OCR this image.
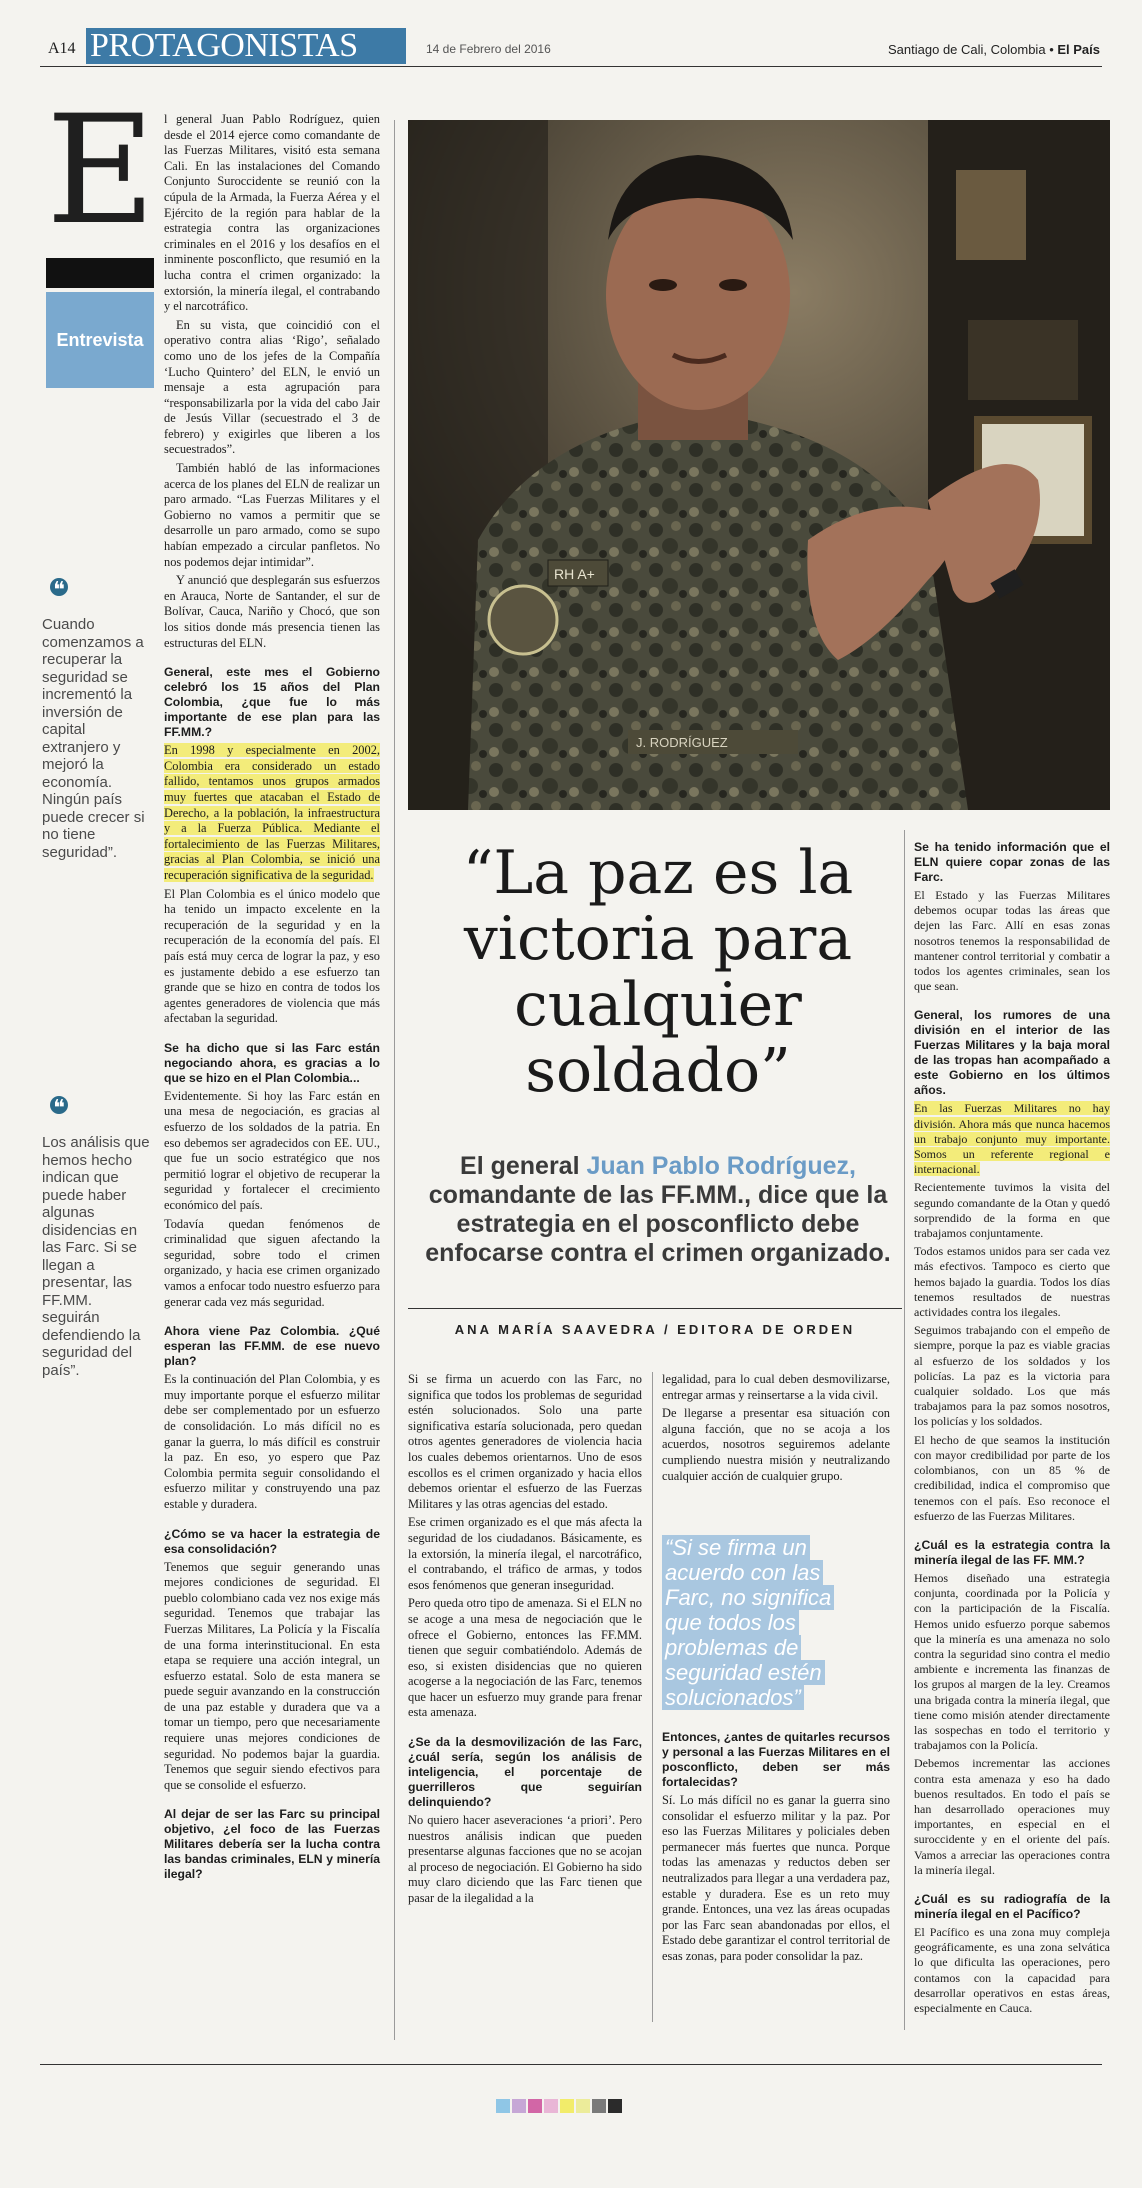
A14 PROTAGONISTAS	14 de Febrero del 2016	Santiago de Cali, Colombia • El País
E
Entrevista
❝
Cuando comenzamos a recuperar la seguridad se incrementó la inversión de capital extranjero y mejoró la economía. Ningún país puede crecer si no tiene seguridad”.
❝
Los análisis que hemos hecho indican que puede haber algunas disidencias en las Farc. Si se llegan a presentar, las FF.MM. seguirán defendiendo la seguridad del país”.

l general Juan Pablo Rodríguez, quien desde el 2014 ejerce como comandante de las Fuerzas Militares, visitó esta semana Cali. En las instalaciones del Comando Conjunto Suroccidente se reunió con la cúpula de la Armada, la Fuerza Aérea y el Ejército de la región para hablar de la estrategia contra las organizaciones criminales en el 2016 y los desafíos en el inminente posconflicto, que resumió en la lucha contra el crimen organizado: la extorsión, la minería ilegal, el contrabando y el narcotráfico.

En su vista, que coincidió con el operativo contra alias ‘Rigo’, señalado como uno de los jefes de la Compañía ‘Lucho Quintero’ del ELN, le envió un mensaje a esta agrupación para “responsabilizarla por la vida del cabo Jair de Jesús Villar (secuestrado el 3 de febrero) y exigirles que liberen a los secuestrados”.

También habló de las informaciones acerca de los planes del ELN de realizar un paro armado. “Las Fuerzas Militares y el Gobierno no vamos a permitir que se desarrolle un paro armado, como se supo habían empezado a circular panfletos. No nos podemos dejar intimidar”.

Y anunció que desplegarán sus esfuerzos en Arauca, Norte de Santander, el sur de Bolívar, Cauca, Nariño y Chocó, que son los sitios donde más presencia tienen las estructuras del ELN.

General, este mes el Gobierno celebró los 15 años del Plan Colombia, ¿que fue lo más importante de ese plan para las FF.MM.?

En 1998 y especialmente en 2002, Colombia era considerado un estado fallido, tentamos unos grupos armados muy fuertes que atacaban el Estado de Derecho, a la población, la infraestructura y a la Fuerza Pública. Mediante el fortalecimiento de las Fuerzas Militares, gracias al Plan Colombia, se inició una recuperación significativa de la seguridad.

El Plan Colombia es el único modelo que ha tenido un impacto excelente en la recuperación de la seguridad y en la recuperación de la economía del país. El país está muy cerca de lograr la paz, y eso es justamente debido a ese esfuerzo tan grande que se hizo en contra de todos los agentes generadores de violencia que más afectaban la seguridad.

Se ha dicho que si las Farc están negociando ahora, es gracias a lo que se hizo en el Plan Colombia...

Evidentemente. Si hoy las Farc están en una mesa de negociación, es gracias al esfuerzo de los soldados de la patria. En eso debemos ser agradecidos con EE. UU., que fue un socio estratégico que nos permitió lograr el objetivo de recuperar la seguridad y fortalecer el crecimiento económico del país.

Todavía quedan fenómenos de criminalidad que siguen afectando la seguridad, sobre todo el crimen organizado, y hacia ese crimen organizado vamos a enfocar todo nuestro esfuerzo para generar cada vez más seguridad.

Ahora viene Paz Colombia. ¿Qué esperan las FF.MM. de ese nuevo plan?

Es la continuación del Plan Colombia, y es muy importante porque el esfuerzo militar debe ser complementado por un esfuerzo de consolidación. Lo más difícil no es ganar la guerra, lo más difícil es construir la paz. En eso, yo espero que Paz Colombia permita seguir consolidando el esfuerzo militar y construyendo una paz estable y duradera.

¿Cómo se va hacer la estrategia de esa consolidación?

Tenemos que seguir generando unas mejores condiciones de seguridad. El pueblo colombiano cada vez nos exige más seguridad. Tenemos que trabajar las Fuerzas Militares, La Policía y la Fiscalía de una forma interinstitucional. En esta etapa se requiere una acción integral, un esfuerzo estatal. Solo de esta manera se puede seguir avanzando en la construcción de una paz estable y duradera que va a tomar un tiempo, pero que necesariamente requiere unas mejores condiciones de seguridad. No podemos bajar la guardia. Tenemos que seguir siendo efectivos para que se consolide el esfuerzo.

Al dejar de ser las Farc su principal objetivo, ¿el foco de las Fuerzas Militares debería ser la lucha contra las bandas criminales, ELN y minería ilegal?

RH A+
J. RODRÍGUEZ
“La paz es la victoria para cualquier soldado”
El general Juan Pablo Rodríguez, comandante de las FF.MM., dice que la estrategia en el posconflicto debe enfocarse contra el crimen organizado.
ANA MARÍA SAAVEDRA / EDITORA DE ORDEN

Si se firma un acuerdo con las Farc, no significa que todos los problemas de seguridad estén solucionados. Solo una parte significativa estaría solucionada, pero quedan otros agentes generadores de violencia hacia los cuales debemos orientarnos. Uno de esos escollos es el crimen organizado y hacia ellos debemos orientar el esfuerzo de las Fuerzas Militares y las otras agencias del estado.

Ese crimen organizado es el que más afecta la seguridad de los ciudadanos. Básicamente, es la extorsión, la minería ilegal, el narcotráfico, el contrabando, el tráfico de armas, y todos esos fenómenos que generan inseguridad.

Pero queda otro tipo de amenaza. Si el ELN no se acoge a una mesa de negociación que le ofrece el Gobierno, entonces las FF.MM. tienen que seguir combatiéndolo. Además de eso, si existen disidencias que no quieren acogerse a la negociación de las Farc, tenemos que hacer un esfuerzo muy grande para frenar esta amenaza.

¿Se da la desmovilización de las Farc, ¿cuál sería, según los análisis de inteligencia, el porcentaje de guerrilleros que seguirían delinquiendo?

No quiero hacer aseveraciones ‘a priori’. Pero nuestros análisis indican que pueden presentarse algunas facciones que no se acojan al proceso de negociación. El Gobierno ha sido muy claro diciendo que las Farc tienen que pasar de la ilegalidad a la

legalidad, para lo cual deben desmovilizarse, entregar armas y reinsertarse a la vida civil.

De llegarse a presentar esa situación con alguna facción, que no se acoja a los acuerdos, nosotros seguiremos adelante cumpliendo nuestra misión y neutralizando cualquier acción de cualquier grupo.

“Si se firma un acuerdo con las Farc, no significa que todos los problemas de seguridad estén solucionados”

Entonces, ¿antes de quitarles recursos y personal a las Fuerzas Militares en el posconflicto, deben ser más fortalecidas?

Sí. Lo más difícil no es ganar la guerra sino consolidar el esfuerzo militar y la paz. Por eso las Fuerzas Militares y policiales deben permanecer más fuertes que nunca. Porque todas las amenazas y reductos deben ser neutralizados para llegar a una verdadera paz, estable y duradera. Ese es un reto muy grande. Entonces, una vez las áreas ocupadas por las Farc sean abandonadas por ellos, el Estado debe garantizar el control territorial de esas zonas, para poder consolidar la paz.

Se ha tenido información que el ELN quiere copar zonas de las Farc.

El Estado y las Fuerzas Militares debemos ocupar todas las áreas que dejen las Farc. Allí en esas zonas nosotros tenemos la responsabilidad de mantener control territorial y combatir a todos los agentes criminales, sean los que sean.

General, los rumores de una división en el interior de las Fuerzas Militares y la baja moral de las tropas han acompañado a este Gobierno en los últimos años.

En las Fuerzas Militares no hay división. Ahora más que nunca hacemos un trabajo conjunto muy importante. Somos un referente regional e internacional.

Recientemente tuvimos la visita del segundo comandante de la Otan y quedó sorprendido de la forma en que trabajamos conjuntamente.

Todos estamos unidos para ser cada vez más efectivos. Tampoco es cierto que hemos bajado la guardia. Todos los días tenemos resultados de nuestras actividades contra los ilegales.

Seguimos trabajando con el empeño de siempre, porque la paz es viable gracias al esfuerzo de los soldados y los policías. La paz es la victoria para cualquier soldado. Los que más trabajamos para la paz somos nosotros, los policías y los soldados.

El hecho de que seamos la institución con mayor credibilidad por parte de los colombianos, con un 85 % de credibilidad, indica el compromiso que tenemos con el país. Eso reconoce el esfuerzo de las Fuerzas Militares.

¿Cuál es la estrategia contra la minería ilegal de las FF. MM.?

Hemos diseñado una estrategia conjunta, coordinada por la Policía y con la participación de la Fiscalía. Hemos unido esfuerzo porque sabemos que la minería es una amenaza no solo contra la seguridad sino contra el medio ambiente e incrementa las finanzas de los grupos al margen de la ley. Creamos una brigada contra la minería ilegal, que tiene como misión atender directamente las sospechas en todo el territorio y trabajamos con la Policía.

Debemos incrementar las acciones contra esta amenaza y eso ha dado buenos resultados. En todo el país se han desarrollado operaciones muy importantes, en especial en el suroccidente y en el oriente del país. Vamos a arreciar las operaciones contra la minería ilegal.

¿Cuál es su radiografía de la minería ilegal en el Pacífico?

El Pacífico es una zona muy compleja geográficamente, es una zona selvática lo que dificulta las operaciones, pero contamos con la capacidad para desarrollar operativos en estas áreas, especialmente en Cauca.
